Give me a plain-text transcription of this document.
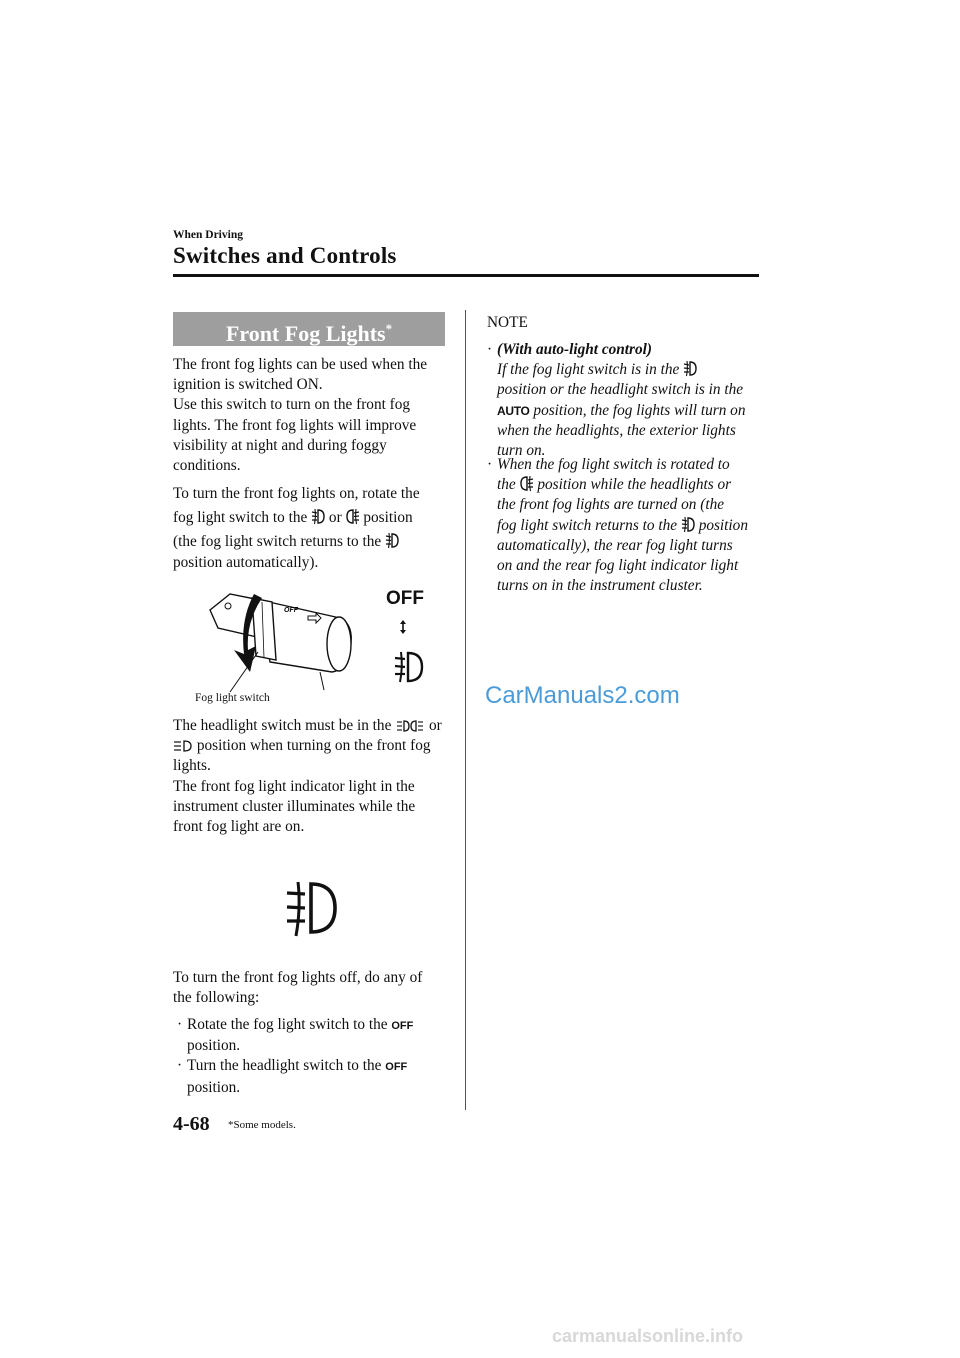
When Driving
Switches and Controls
Front Fog Lights*
The front fog lights can be used when the
ignition is switched ON.
Use this switch to turn on the front fog
lights. The front fog lights will improve
visibility at night and during foggy
conditions.
To turn the front fog lights on, rotate the
fog light switch to the or position
(the fog light switch returns to the
position automatically).
OFF
OFF
Fog light switch
The headlight switch must be in the or
position when turning on the front fog
lights.
The front fog light indicator light in the
instrument cluster illuminates while the
front fog light are on.
To turn the front fog lights off, do any of
the following:
· Rotate the fog light switch to the OFF
position.
· Turn the headlight switch to the OFF
position.
NOTE
· (With auto-light control)
If the fog light switch is in the
position or the headlight switch is in the
AUTO position, the fog lights will turn on
when the headlights, the exterior lights
turn on.
· When the fog light switch is rotated to
the position while the headlights or
the front fog lights are turned on (the
fog light switch returns to the position
automatically), the rear fog light turns
on and the rear fog light indicator light
turns on in the instrument cluster.
CarManuals2.com
4-68 *Some models.
carmanualsonline.info
